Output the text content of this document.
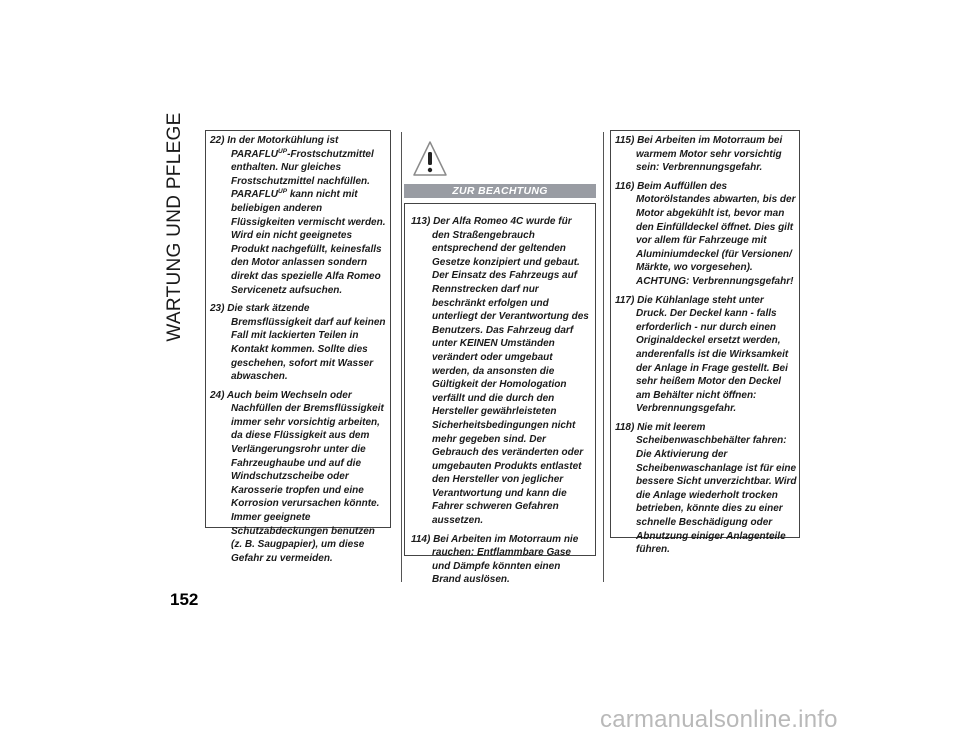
WARTUNG UND PFLEGE	22) In der Motorkühlung ist $PARAFLU^{UP}$-Frostschutzmittel enthalten. Nur gleiches Frostschutzmittel nachfüllen. $PARAFLU^{UP}$ kann nicht mit beliebigen anderen Flüssigkeiten vermischt werden. Wird ein nicht geeignetes Produkt nachgefüllt, keinesfalls den Motor anlassen sondern direkt das spezielle Alfa Romeo Servicenetz aufsuchen.

23) Die stark ätzende Bremsflüssigkeit darf auf keinen Fall mit lackierten Teilen in Kontakt kommen. Sollte dies geschehen, sofort mit Wasser abwaschen.

24) Auch beim Wechseln oder Nachfüllen der Bremsflüssigkeit immer sehr vorsichtig arbeiten, da diese Flüssigkeit aus dem Verlängerungsrohr unter die Fahrzeughaube und auf die Windschutzscheibe oder Karosserie tropfen und eine Korrosion verursachen könnte. Immer geeignete Schutzabdeckungen benutzen (z. B. Saugpapier), um diese Gefahr zu vermeiden.

ZUR BEACHTUNG

113) Der Alfa Romeo 4C wurde für den Straßengebrauch entsprechend der geltenden Gesetze konzipiert und gebaut. Der Einsatz des Fahrzeugs auf Rennstrecken darf nur beschränkt erfolgen und unterliegt der Verantwortung des Benutzers. Das Fahrzeug darf unter KEINEN Umständen verändert oder umgebaut werden, da ansonsten die Gültigkeit der Homologation verfällt und die durch den Hersteller gewährleisteten Sicherheitsbedingungen nicht mehr gegeben sind. Der Gebrauch des veränderten oder umgebauten Produkts entlastet den Hersteller von jeglicher Verantwortung und kann die Fahrer schweren Gefahren aussetzen.

114) Bei Arbeiten im Motorraum nie rauchen: Entflammbare Gase und Dämpfe könnten einen Brand auslösen.

115) Bei Arbeiten im Motorraum bei warmem Motor sehr vorsichtig sein: Verbrennungsgefahr.

116) Beim Auffüllen des Motorölstandes abwarten, bis der Motor abgekühlt ist, bevor man den Einfülldeckel öffnet. Dies gilt vor allem für Fahrzeuge mit Aluminiumdeckel (für Versionen/ Märkte, wo vorgesehen). ACHTUNG: Verbrennungsgefahr!

117) Die Kühlanlage steht unter Druck. Der Deckel kann - falls erforderlich - nur durch einen Originaldeckel ersetzt werden, anderenfalls ist die Wirksamkeit der Anlage in Frage gestellt. Bei sehr heißem Motor den Deckel am Behälter nicht öffnen: Verbrennungsgefahr.

118) Nie mit leerem Scheibenwaschbehälter fahren: Die Aktivierung der Scheibenwaschanlage ist für eine bessere Sicht unverzichtbar. Wird die Anlage wiederholt trocken betrieben, könnte dies zu einer schnelle Beschädigung oder Abnutzung einiger Anlagenteile führen.

152
carmanualsonline.info
